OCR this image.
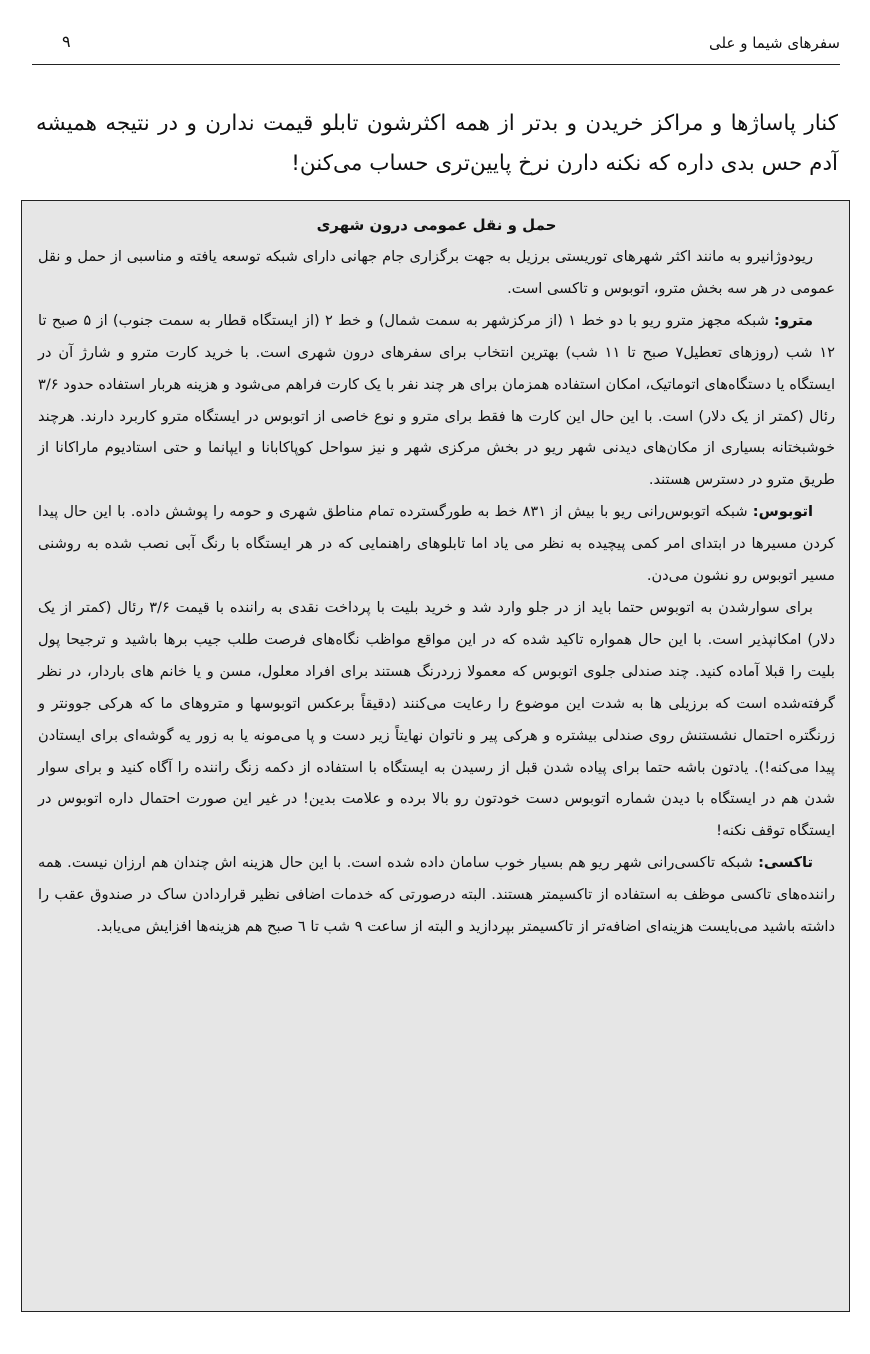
سفرهای شیما و علی
۹

کنار پاساژها و مراکز خریدن و بدتر از همه اکثرشون تابلو قیمت ندارن و در نتیجه همیشه آدم حس بدی داره که نکنه دارن نرخ پایین‌تری حساب می‌کنن!

حمل و نقل عمومی درون شهری

ریودوژانیرو به مانند اکثر شهرهای توریستی برزیل به جهت برگزاری جام جهانی دارای شبکه توسعه یافته و مناسبی از حمل و نقل عمومی در هر سه بخش مترو، اتوبوس و تاکسی است.

مترو: شبکه مجهز مترو ریو با دو خط ۱ (از مرکزشهر به سمت شمال) و خط ۲ (از ایستگاه قطار به سمت جنوب) از ۵ صبح تا ۱۲ شب (روزهای تعطیل۷ صبح تا ۱۱ شب) بهترین انتخاب برای سفرهای درون شهری است. با خرید کارت مترو و شارژ آن در ایستگاه یا دستگاه‌های اتوماتیک، امکان استفاده همزمان برای هر چند نفر با یک کارت فراهم می‌شود و هزینه هربار استفاده حدود ۳/۶ رئال (کمتر از یک دلار) است. با این حال این کارت ها فقط برای مترو و نوع خاصی از اتوبوس در ایستگاه مترو کاربرد دارند. هرچند خوشبختانه بسیاری از مکان‌های دیدنی شهر ریو در بخش مرکزی شهر و نیز سواحل کوپاکابانا و ایپانما و حتی استادیوم ماراکانا از طریق مترو در دسترس هستند.

اتوبوس: شبکه اتوبوس‌رانی ریو با بیش از ۸۳۱ خط به طورگسترده تمام مناطق شهری و حومه را پوشش داده. با این حال پیدا کردن مسیرها در ابتدای امر کمی پیچیده به نظر می یاد اما تابلوهای راهنمایی که در هر ایستگاه با رنگ آبی نصب شده به روشنی مسیر اتوبوس رو نشون می‌دن.

برای سوارشدن به اتوبوس حتما باید از در جلو وارد شد و خرید بلیت با پرداخت نقدی به راننده با قیمت ۳/۶ رئال (کمتر از یک دلار) امکانپذیر است. با این حال همواره تاکید شده که در این مواقع مواظب نگاه‌های فرصت طلب جیب برها باشید و ترجیحا پول بلیت را قبلا آماده کنید. چند صندلی جلوی اتوبوس که معمولا زردرنگ هستند برای افراد معلول، مسن و یا خانم های باردار، در نظر گرفته‌شده است که برزیلی ها به شدت این موضوع را رعایت می‌کنند (دقیقاً برعکس اتوبوسها و متروهای ما که هرکی جوونتر و زرنگتره احتمال نشستنش روی صندلی بیشتره و هرکی پیر و ناتوان نهایتاً زیر دست و پا می‌مونه یا به زور یه گوشه‌ای برای ایستادن پیدا می‌کنه!). یادتون باشه حتما برای پیاده شدن قبل از رسیدن به ایستگاه با استفاده از دکمه زنگ راننده را آگاه کنید و برای سوار شدن هم در ایستگاه با دیدن شماره اتوبوس دست خودتون رو بالا برده و علامت بدین! در غیر این صورت احتمال داره اتوبوس در ایستگاه توقف نکنه!

تاکسی: شبکه تاکسی‌رانی شهر ریو هم بسیار خوب سامان داده شده است. با این حال هزینه اش چندان هم ارزان نیست. همه راننده‌های تاکسی موظف به استفاده از تاکسیمتر هستند. البته درصورتی که خدمات اضافی نظیر قراردادن ساک در صندوق عقب را داشته باشید می‌بایست هزینه‌ای اضافه‌تر از تاکسیمتر بپردازید و البته از ساعت ۹ شب تا ٦ صبح هم هزینه‌ها افزایش می‌یابد.
